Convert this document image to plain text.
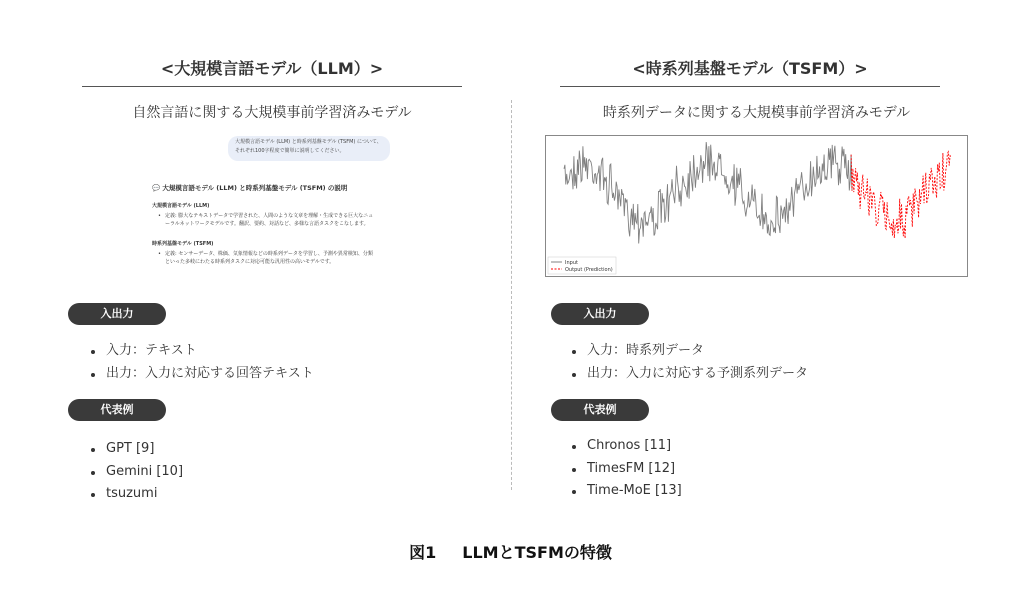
<大規模言語モデル（LLM）>	<時系列基盤モデル（TSFM）>
自然言語に関する大規模事前学習済みモデル	時系列データに関する大規模事前学習済みモデル
大規模言語モデル (LLM) と時系列基盤モデル (TSFM) について、
それぞれ100字程度で簡単に説明してください。
💬 大規模言語モデル (LLM) と時系列基盤モデル (TSFM) の説明
大規模言語モデル (LLM)
• 定義: 膨大なテキストデータで学習された、人間のような文章を理解・生成できる巨大なニュ
ーラルネットワークモデルです。翻訳、要約、対話など、多様な言語タスクをこなします。
時系列基盤モデル (TSFM)
• 定義: センサーデータ、株価、気象情報などの時系列データを学習し、予測や異常検知、分類
といった多岐にわたる時系列タスクに対応可能な汎用性の高いモデルです。	Input
Output (Prediction)
入出力
入力：テキスト
出力：入力に対応する回答テキスト
代表例
GPT [9]
Gemini [10]
tsuzumi
入出力
入力：時系列データ
出力：入力に対応する予測系列データ
代表例
Chronos [11]
TimesFM [12]
Time-MoE [13]
図1 LLMとTSFMの特徴
